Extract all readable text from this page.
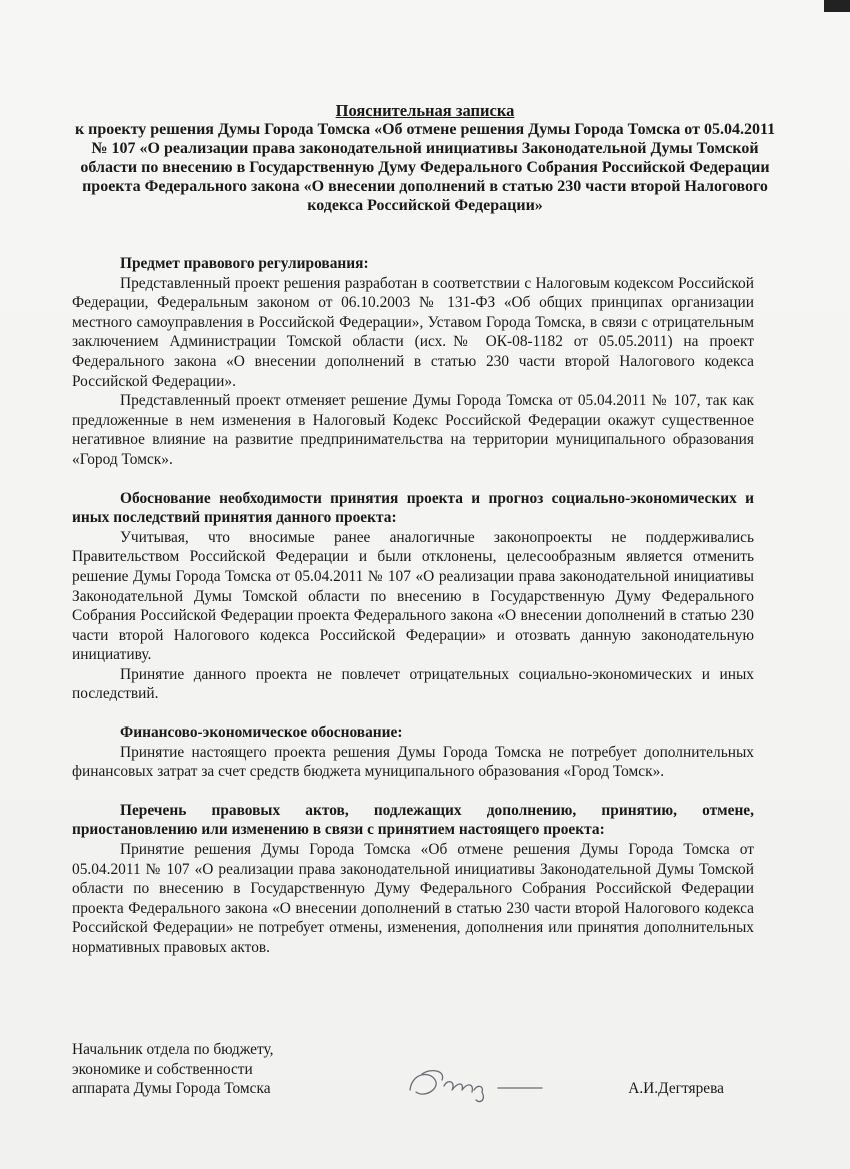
Пояснительная записка
к проекту решения Думы Города Томска «Об отмене решения Думы Города Томска от 05.04.2011 № 107 «О реализации права законодательной инициативы Законодательной Думы Томской области по внесению в Государственную Думу Федерального Собрания Российской Федерации проекта Федерального закона «О внесении дополнений в статью 230 части второй Налогового кодекса Российской Федерации»
Предмет правового регулирования:

Представленный проект решения разработан в соответствии с Налоговым кодексом Российской Федерации, Федеральным законом от 06.10.2003 № 131-ФЗ «Об общих принципах организации местного самоуправления в Российской Федерации», Уставом Города Томска, в связи с отрицательным заключением Администрации Томской области (исх.№ ОК-08-1182 от 05.05.2011) на проект Федерального закона «О внесении дополнений в статью 230 части второй Налогового кодекса Российской Федерации».

Представленный проект отменяет решение Думы Города Томска от 05.04.2011 № 107, так как предложенные в нем изменения в Налоговый Кодекс Российской Федерации окажут существенное негативное влияние на развитие предпринимательства на территории муниципального образования «Город Томск».

Обоснование необходимости принятия проекта и прогноз социально-экономических и иных последствий принятия данного проекта:

Учитывая, что вносимые ранее аналогичные законопроекты не поддерживались Правительством Российской Федерации и были отклонены, целесообразным является отменить решение Думы Города Томска от 05.04.2011 № 107 «О реализации права законодательной инициативы Законодательной Думы Томской области по внесению в Государственную Думу Федерального Собрания Российской Федерации проекта Федерального закона «О внесении дополнений в статью 230 части второй Налогового кодекса Российской Федерации» и отозвать данную законодательную инициативу.

Принятие данного проекта не повлечет отрицательных социально-экономических и иных последствий.

Финансово-экономическое обоснование:

Принятие настоящего проекта решения Думы Города Томска не потребует дополнительных финансовых затрат за счет средств бюджета муниципального образования «Город Томск».

Перечень правовых актов, подлежащих дополнению, принятию, отмене, приостановлению или изменению в связи с принятием настоящего проекта:

Принятие решения Думы Города Томска «Об отмене решения Думы Города Томска от 05.04.2011 № 107 «О реализации права законодательной инициативы Законодательной Думы Томской области по внесению в Государственную Думу Федерального Собрания Российской Федерации проекта Федерального закона «О внесении дополнений в статью 230 части второй Налогового кодекса Российской Федерации» не потребует отмены, изменения, дополнения или принятия дополнительных нормативных правовых актов.

Начальник отдела по бюджету,
экономике и собственности
аппарата Думы Города Томска	А.И.Дегтярева
